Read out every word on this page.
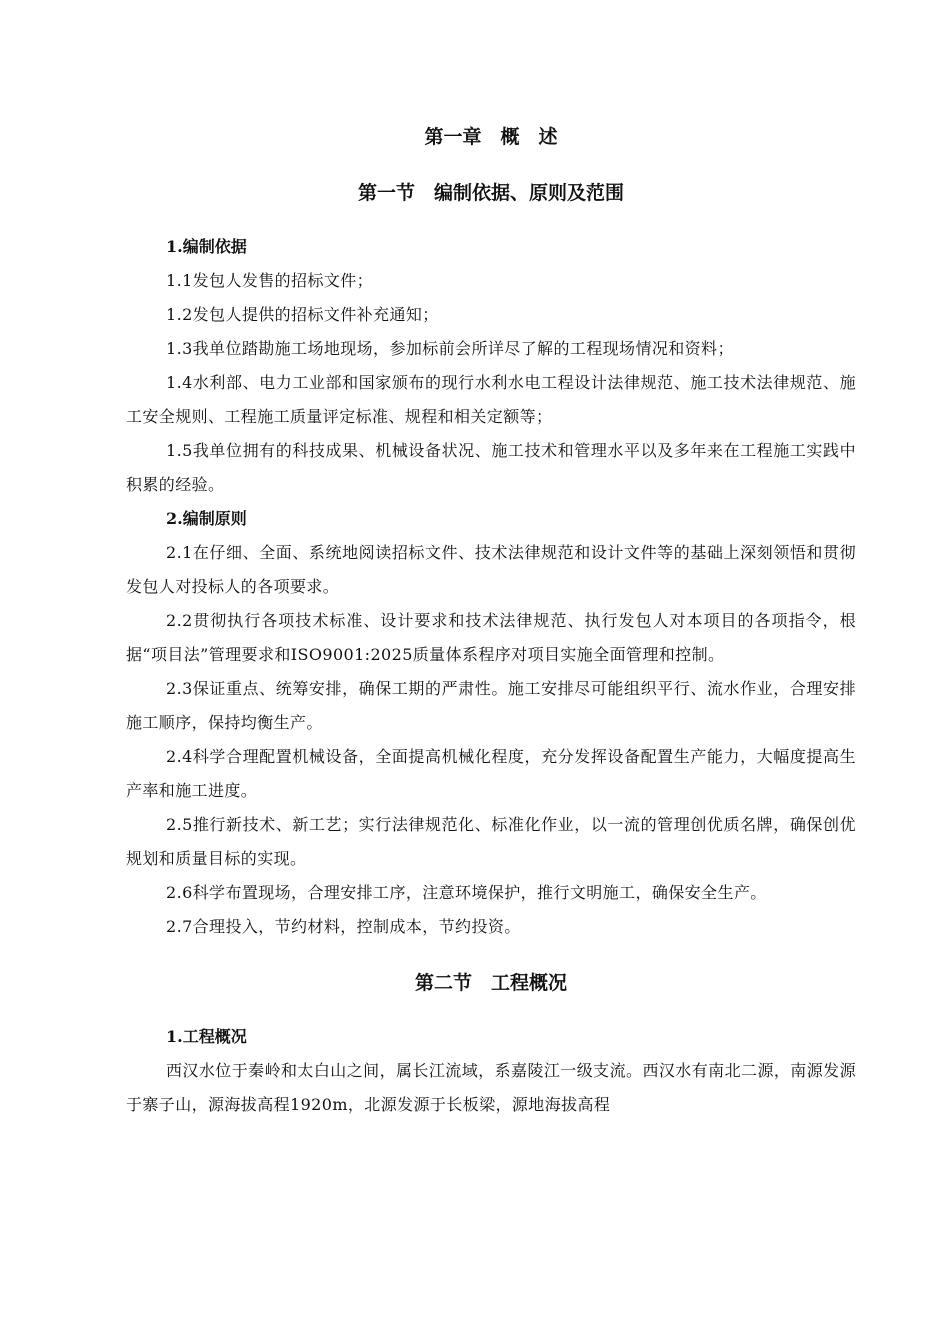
第一章　概　述
第一节　编制依据、原则及范围

1.编制依据

1.1发包人发售的招标文件；

1.2发包人提供的招标文件补充通知；

1.3我单位踏勘施工场地现场，参加标前会所详尽了解的工程现场情况和资料；

1.4水利部、电力工业部和国家颁布的现行水利水电工程设计法律规范、施工技术法律规范、施工安全规则、工程施工质量评定标准、规程和相关定额等；

1.5我单位拥有的科技成果、机械设备状况、施工技术和管理水平以及多年来在工程施工实践中积累的经验。

2.编制原则

2.1在仔细、全面、系统地阅读招标文件、技术法律规范和设计文件等的基础上深刻领悟和贯彻发包人对投标人的各项要求。

2.2贯彻执行各项技术标准、设计要求和技术法律规范、执行发包人对本项目的各项指令，根据“项目法”管理要求和ISO9001:2025质量体系程序对项目实施全面管理和控制。

2.3保证重点、统筹安排，确保工期的严肃性。施工安排尽可能组织平行、流水作业，合理安排施工顺序，保持均衡生产。

2.4科学合理配置机械设备，全面提高机械化程度，充分发挥设备配置生产能力，大幅度提高生产率和施工进度。

2.5推行新技术、新工艺；实行法律规范化、标准化作业，以一流的管理创优质名牌，确保创优规划和质量目标的实现。

2.6科学布置现场，合理安排工序，注意环境保护，推行文明施工，确保安全生产。

2.7合理投入，节约材料，控制成本，节约投资。

第二节　工程概况

1.工程概况

西汉水位于秦岭和太白山之间，属长江流域，系嘉陵江一级支流。西汉水有南北二源，南源发源于寨子山，源海拔高程1920m，北源发源于长板梁，源地海拔高程
